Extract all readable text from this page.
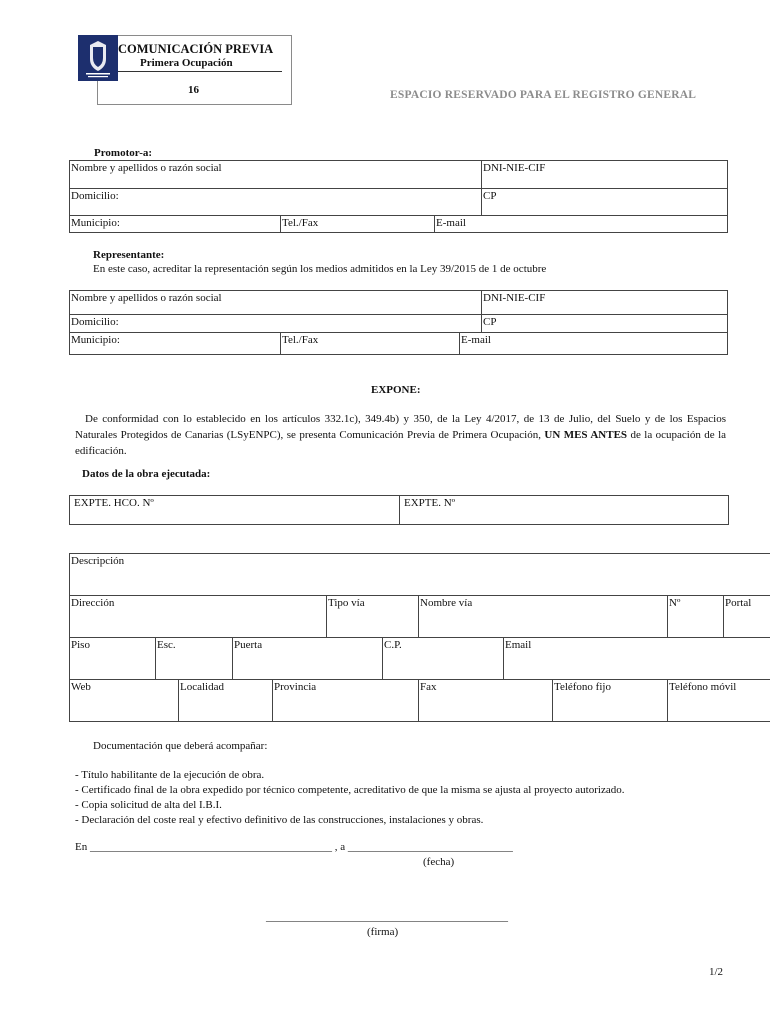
COMUNICACIÓN PREVIA
Primera Ocupación
16	ESPACIO RESERVADO PARA EL REGISTRO GENERAL
Promotor-a:
Nombre y apellidos o razón social			DNI-NIE-CIF
Domicilio:			CP
Municipio:	Tel./Fax	E-mail	
Representante:
En este caso, acreditar la representación según los medios admitidos en la Ley 39/2015 de 1 de octubre
Nombre y apellidos o razón social			DNI-NIE-CIF
Domicilio:			CP
Municipio:	Tel./Fax	E-mail	
EXPONE:
De conformidad con lo establecido en los artículos 332.1c), 349.4b) y 350, de la Ley 4/2017, de 13 de Julio, del Suelo y de los Espacios Naturales Protegidos de Canarias (LSyENPC), se presenta Comunicación Previa de Primera Ocupación, UN MES ANTES de la ocupación de la edificación.
Datos de la obra ejecutada:
EXPTE. HCO. Nº	EXPTE. Nº
Descripción											
Dirección					Tipo vía		Nombre vía			Nº	Portal
Piso	Esc.		Puerta			C.P.		Email			
Web		Localidad		Provincia			Fax		Teléfono fijo	Teléfono móvil	
Documentación que deberá acompañar:
- Título habilitante de la ejecución de obra.
- Certificado final de la obra expedido por técnico competente, acreditativo de que la misma se ajusta al proyecto autorizado.
- Copia solicitud de alta del I.B.I.
- Declaración del coste real y efectivo definitivo de las construcciones, instalaciones y obras.
En ____________________________________________ , a ______________________________
(fecha)
____________________________________________
(firma)
1/2
